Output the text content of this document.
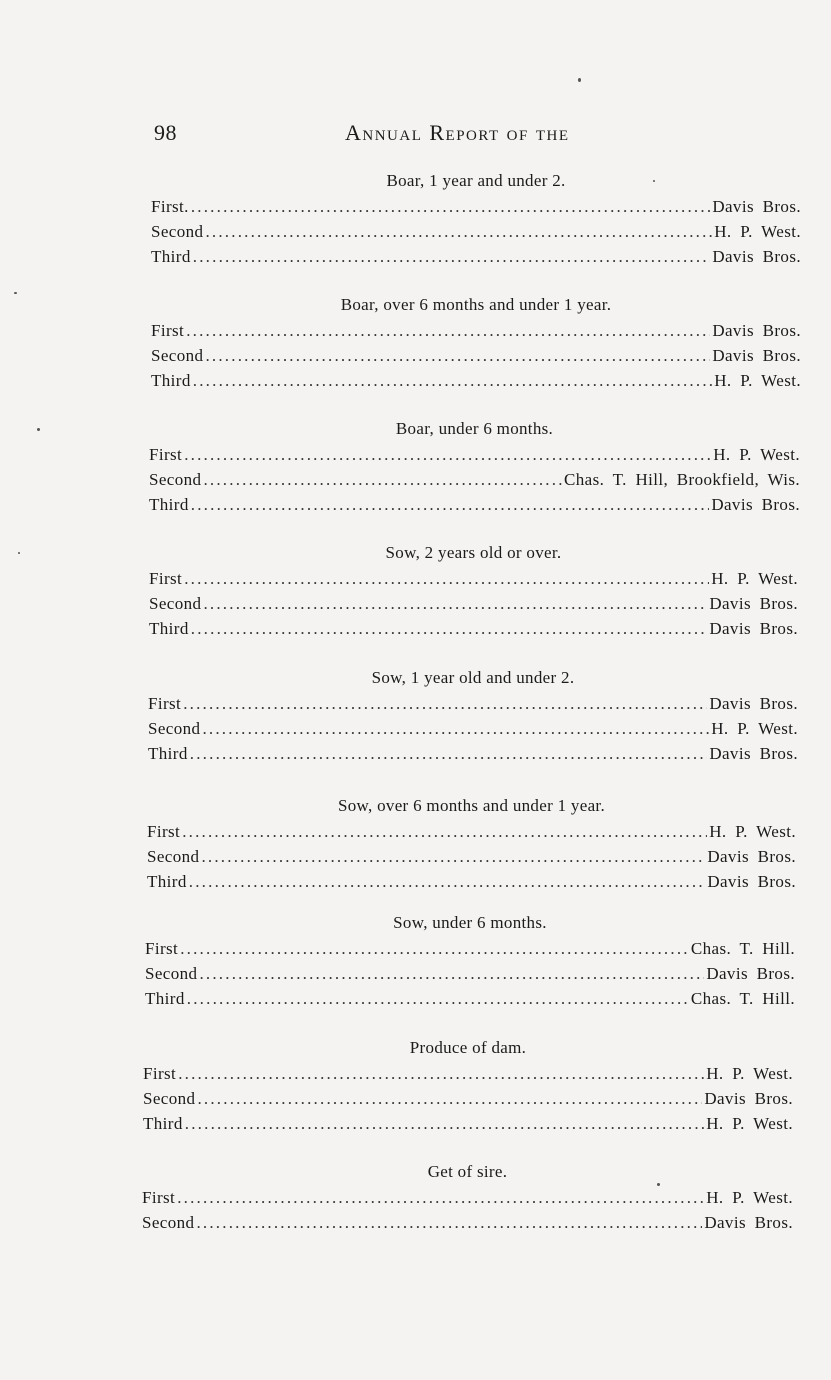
98	Annual Report of the
Boar, 1 year and under 2.
First. .....	Davis Bros.
Second .....	H. P. West.
Third .....	Davis Bros.
Boar, over 6 months and under 1 year.
First .....	Davis Bros.
Second .....	Davis Bros.
Third .....	H. P. West.
Boar, under 6 months.
First .....	H. P. West.
Second .....	Chas. T. Hill, Brookfield, Wis.
Third .....	Davis Bros.
Sow, 2 years old or over.
First .....	H. P. West.
Second .....	Davis Bros.
Third .....	Davis Bros.
Sow, 1 year old and under 2.
First .....	Davis Bros.
Second .....	H. P. West.
Third .....	Davis Bros.
Sow, over 6 months and under 1 year.
First .....	H. P. West.
Second .....	Davis Bros.
Third .....	Davis Bros.
Sow, under 6 months.
First .....	Chas. T. Hill.
Second .....	Davis Bros.
Third .....	Chas. T. Hill.
Produce of dam.
First .....	H. P. West.
Second .....	Davis Bros.
Third .....	H. P. West.
Get of sire.
First .....	H. P. West.
Second .....	Davis Bros.
